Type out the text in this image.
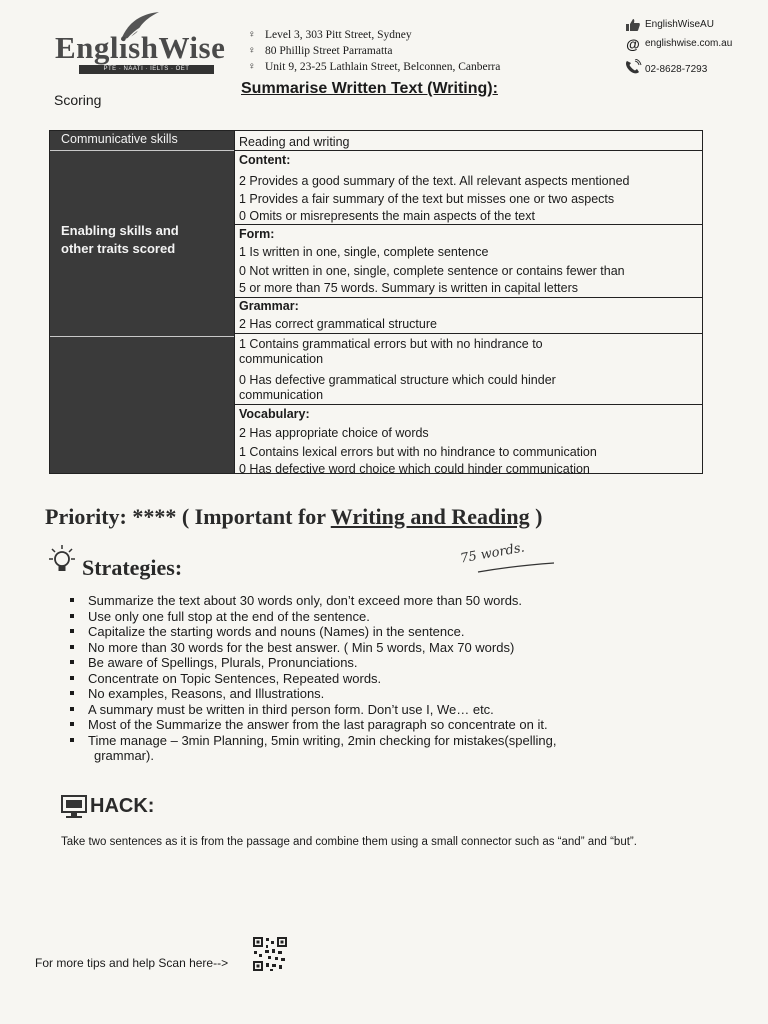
EnglishWise
PTE · NAATI · IELTS · OET
♀ Level 3, 303 Pitt Street, Sydney
♀ 80 Phillip Street Parramatta
♀ Unit 9, 23-25 Lathlain Street, Belconnen, Canberra
EnglishWiseAU
@ englishwise.com.au
02-8628-7293
Summarise Written Text (Writing):
Scoring
Communicative skills
Enabling skills and
other traits scored
Reading and writing
Content:
2 Provides a good summary of the text. All relevant aspects mentioned
1 Provides a fair summary of the text but misses one or two aspects
0 Omits or misrepresents the main aspects of the text
Form:
1 Is written in one, single, complete sentence
0 Not written in one, single, complete sentence or contains fewer than
5 or more than 75 words. Summary is written in capital letters
Grammar:
2 Has correct grammatical structure
1 Contains grammatical errors but with no hindrance to
communication
0 Has defective grammatical structure which could hinder
communication
Vocabulary:
2 Has appropriate choice of words
1 Contains lexical errors but with no hindrance to communication
0 Has defective word choice which could hinder communication
Priority: **** ( Important for Writing and Reading )
Strategies:
75 words.
Summarize the text about 30 words only, don’t exceed more than 50 words.
Use only one full stop at the end of the sentence.
Capitalize the starting words and nouns (Names) in the sentence.
No more than 30 words for the best answer. ( Min 5 words, Max 70 words)
Be aware of Spellings, Plurals, Pronunciations.
Concentrate on Topic Sentences, Repeated words.
No examples, Reasons, and Illustrations.
A summary must be written in third person form. Don’t use I, We… etc.
Most of the Summarize the answer from the last paragraph so concentrate on it.
Time manage – 3min Planning, 5min writing, 2min checking for mistakes(spelling,
grammar).
HACK:
Take two sentences as it is from the passage and combine them using a small connector such as “and” and “but”.
For more tips and help Scan here-->
